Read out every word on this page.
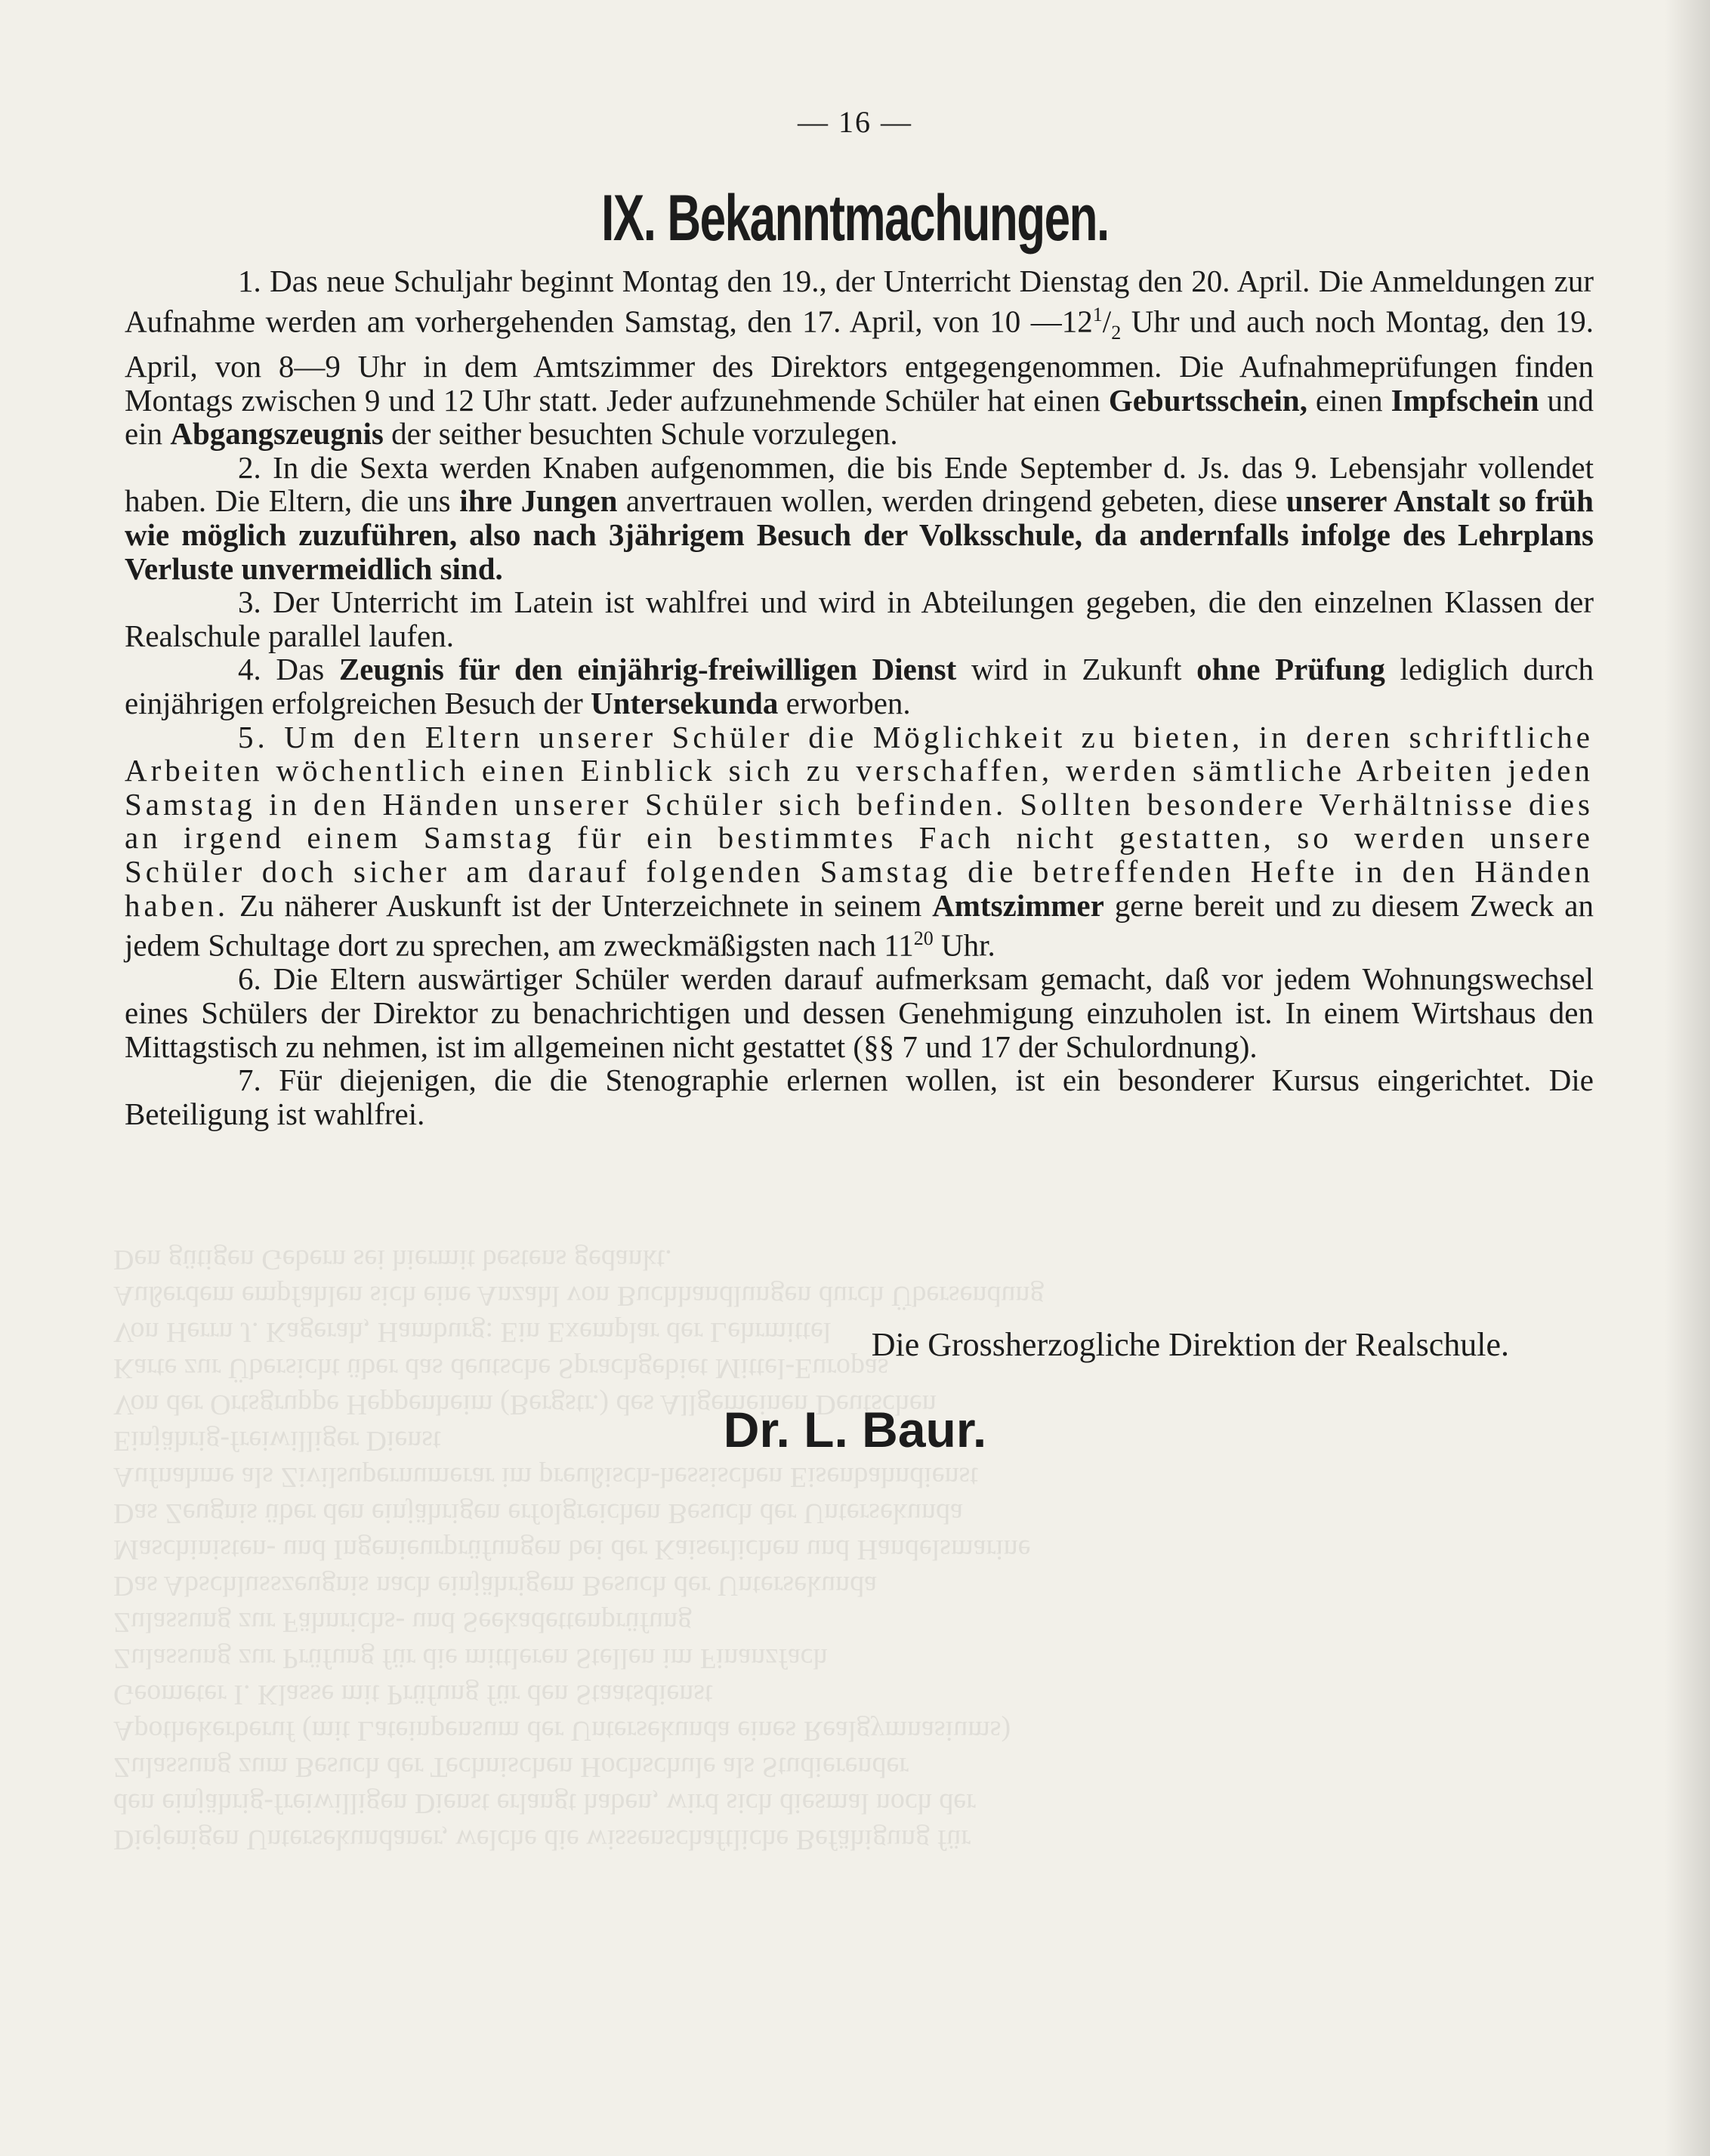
Diejenigen Untersekundaner, welche die wissenschaftliche Befähigung für
den einjährig-freiwilligen Dienst erlangt haben, wird sich diesmal noch der
Zulassung zum Besuch der Technischen Hochschule als Studierender
Apothekerberuf (mit Lateinpensum der Untersekunda eines Realgymnasiums)
Geometer I. Klasse mit Prüfung für den Staatsdienst
Zulassung zur Prüfung für die mittleren Stellen im Finanzfach
Zulassung zur Fähnrichs- und Seekadettenprüfung
Das Abschlusszeugnis nach einjährigem Besuch der Untersekunda
Maschinisten- und Ingenieurprüfungen bei der Kaiserlichen und Handelsmarine
Das Zeugnis über den einjährigen erfolgreichen Besuch der Untersekunda
Aufnahme als Zivilsupernumerar im preußisch-hessischen Eisenbahndienst
Einjährig-freiwilliger Dienst
Von der Ortsgruppe Heppenheim (Bergstr.) des Allgemeinen Deutschen
Karte zur Übersicht über das deutsche Sprachgebiet Mittel-Europas
Von Herrn J. Kagerah, Hamburg: Ein Exemplar der Lehrmittel
Außerdem empfahlen sich eine Anzahl von Buchhandlungen durch Übersendung
Den gütigen Gebern sei hiermit bestens gedankt.
— 16 —
IX. Bekanntmachungen.

1. Das neue Schuljahr beginnt Montag den 19., der Unterricht Dienstag den 20. April. Die Anmeldungen zur Aufnahme werden am vorhergehenden Samstag, den 17. April, von 10 $—12^1/_2$ Uhr und auch noch Montag, den 19. April, von 8—9 Uhr in dem Amtszimmer des Direktors entgegengenommen. Die Aufnahmeprüfungen finden Montags zwischen 9 und 12 Uhr statt. Jeder aufzunehmende Schüler hat einen Geburtsschein, einen Impfschein und ein Abgangszeugnis der seither besuchten Schule vorzulegen.

2. In die Sexta werden Knaben aufgenommen, die bis Ende September d. Js. das 9. Lebensjahr vollendet haben. Die Eltern, die uns ihre Jungen anvertrauen wollen, werden dringend gebeten, diese unserer Anstalt so früh wie möglich zuzuführen, also nach 3jährigem Besuch der Volksschule, da andernfalls infolge des Lehrplans Verluste unvermeidlich sind.

3. Der Unterricht im Latein ist wahlfrei und wird in Abteilungen gegeben, die den einzelnen Klassen der Realschule parallel laufen.

4. Das Zeugnis für den einjährig-freiwilligen Dienst wird in Zukunft ohne Prüfung lediglich durch einjährigen erfolgreichen Besuch der Untersekunda erworben.

5. Um den Eltern unserer Schüler die Möglichkeit zu bieten, in deren schriftliche Arbeiten wöchentlich einen Einblick sich zu verschaffen, werden sämtliche Arbeiten jeden Samstag in den Händen unserer Schüler sich befinden. Sollten besondere Verhältnisse dies an irgend einem Samstag für ein bestimmtes Fach nicht gestatten, so werden unsere Schüler doch sicher am darauf folgenden Samstag die betreffenden Hefte in den Händen haben. Zu näherer Auskunft ist der Unterzeichnete in seinem Amtszimmer gerne bereit und zu diesem Zweck an jedem Schultage dort zu sprechen, am zweckmäßigsten nach $11^{20}$ Uhr.

6. Die Eltern auswärtiger Schüler werden darauf aufmerksam gemacht, daß vor jedem Wohnungswechsel eines Schülers der Direktor zu benachrichtigen und dessen Genehmigung einzuholen ist. In einem Wirtshaus den Mittagstisch zu nehmen, ist im allgemeinen nicht gestattet (§§ 7 und 17 der Schulordnung).

7. Für diejenigen, die die Stenographie erlernen wollen, ist ein besonderer Kursus eingerichtet. Die Beteiligung ist wahlfrei.

Die Grossherzogliche Direktion der Realschule.
Dr. L. Baur.
